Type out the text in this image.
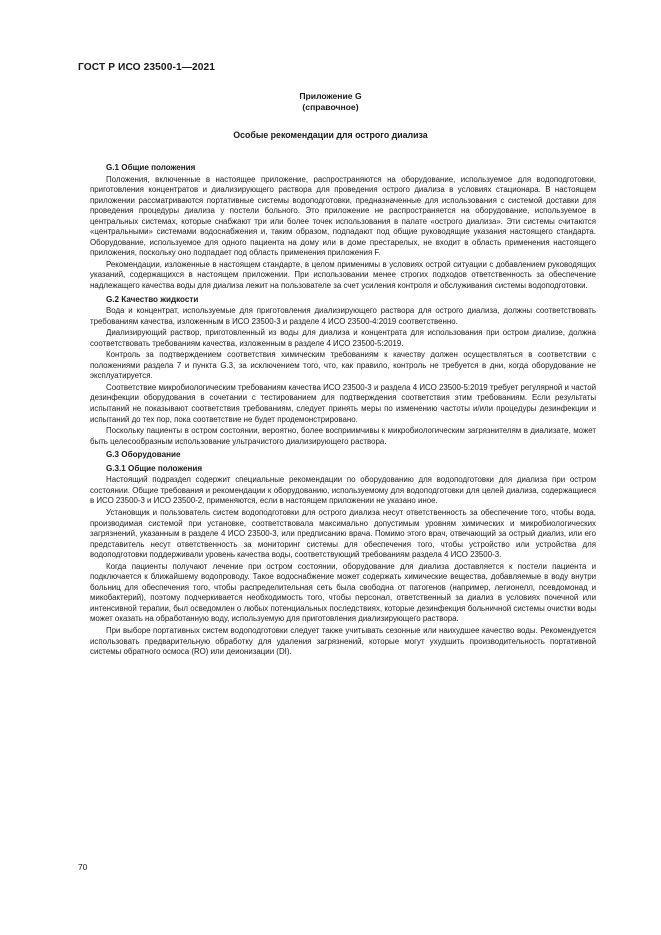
ГОСТ Р ИСО 23500-1—2021
Приложение G
(справочное)
Особые рекомендации для острого диализа
G.1 Общие положения
Положения, включенные в настоящее приложение, распространяются на оборудование, используемое для водоподготовки, приготовления концентратов и диализирующего раствора для проведения острого диализа в условиях стационара. В настоящем приложении рассматриваются портативные системы водоподготовки, предназначенные для использования с системой доставки для проведения процедуры диализа у постели больного. Это приложение не распространяется на оборудование, используемое в центральных системах, которые снабжают три или более точек использования в палате «острого диализа». Эти системы считаются «центральными» системами водоснабжения и, таким образом, подпадают под общие руководящие указания настоящего стандарта. Оборудование, используемое для одного пациента на дому или в доме престарелых, не входит в область применения настоящего приложения, поскольку оно подпадает под область применения приложения F.
Рекомендации, изложенные в настоящем стандарте, в целом применимы в условиях острой ситуации с добавлением руководящих указаний, содержащихся в настоящем приложении. При использовании менее строгих подходов ответственность за обеспечение надлежащего качества воды для диализа лежит на пользователе за счет усиления контроля и обслуживания системы водоподготовки.
G.2 Качество жидкости
Вода и концентрат, используемые для приготовления диализирующего раствора для острого диализа, должны соответствовать требованиям качества, изложенным в ИСО 23500-3 и разделе 4 ИСО 23500-4:2019 соответственно.
Диализирующий раствор, приготовленный из воды для диализа и концентрата для использования при остром диализе, должна соответствовать требованиям качества, изложенным в разделе 4 ИСО 23500-5:2019.
Контроль за подтверждением соответствия химическим требованиям к качеству должен осуществляться в соответствии с положениями раздела 7 и пункта G.3, за исключением того, что, как правило, контроль не требуется в дни, когда оборудование не эксплуатируется.
Соответствие микробиологическим требованиям качества ИСО 23500-3 и раздела 4 ИСО 23500-5:2019 требует регулярной и частой дезинфекции оборудования в сочетании с тестированием для подтверждения соответствия этим требованиям. Если результаты испытаний не показывают соответствия требованиям, следует принять меры по изменению частоты и/или процедуры дезинфекции и испытаний до тех пор, пока соответствие не будет продемонстрировано.
Поскольку пациенты в остром состоянии, вероятно, более восприимчивы к микробиологическим загрязнителям в диализате, может быть целесообразным использование ультрачистого диализирующего раствора.
G.3 Оборудование
G.3.1 Общие положения
Настоящий подраздел содержит специальные рекомендации по оборудованию для водоподготовки для диализа при остром состоянии. Общие требования и рекомендации к оборудованию, используемому для водоподготовки для целей диализа, содержащиеся в ИСО 23500-3 и ИСО 23500-2, применяются, если в настоящем приложении не указано иное.
Установщик и пользователь систем водоподготовки для острого диализа несут ответственность за обеспечение того, чтобы вода, производимая системой при установке, соответствовала максимально допустимым уровням химических и микробиологических загрязнений, указанным в разделе 4 ИСО 23500-3, или предписанию врача. Помимо этого врач, отвечающий за острый диализ, или его представитель несут ответственность за мониторинг системы для обеспечения того, чтобы устройство или устройства для водоподготовки поддерживали уровень качества воды, соответствующий требованиям раздела 4 ИСО 23500-3.
Когда пациенты получают лечение при остром состоянии, оборудование для диализа доставляется к постели пациента и подключается к ближайшему водопроводу. Такое водоснабжение может содержать химические вещества, добавляемые в воду внутри больниц для обеспечения того, чтобы распределительная сеть была свободна от патогенов (например, легионелл, псевдомонад и микобактерий), поэтому подчеркивается необходимость того, чтобы персонал, ответственный за диализ в условиях почечной или интенсивной терапии, был осведомлен о любых потенциальных последствиях, которые дезинфекция больничной системы очистки воды может оказать на обработанную воду, используемую для приготовления диализирующего раствора.
При выборе портативных систем водоподготовки следует также учитывать сезонные или наихудшее качество воды. Рекомендуется использовать предварительную обработку для удаления загрязнений, которые могут ухудшить производительность портативной системы обратного осмоса (RO) или деионизации (DI).
70
